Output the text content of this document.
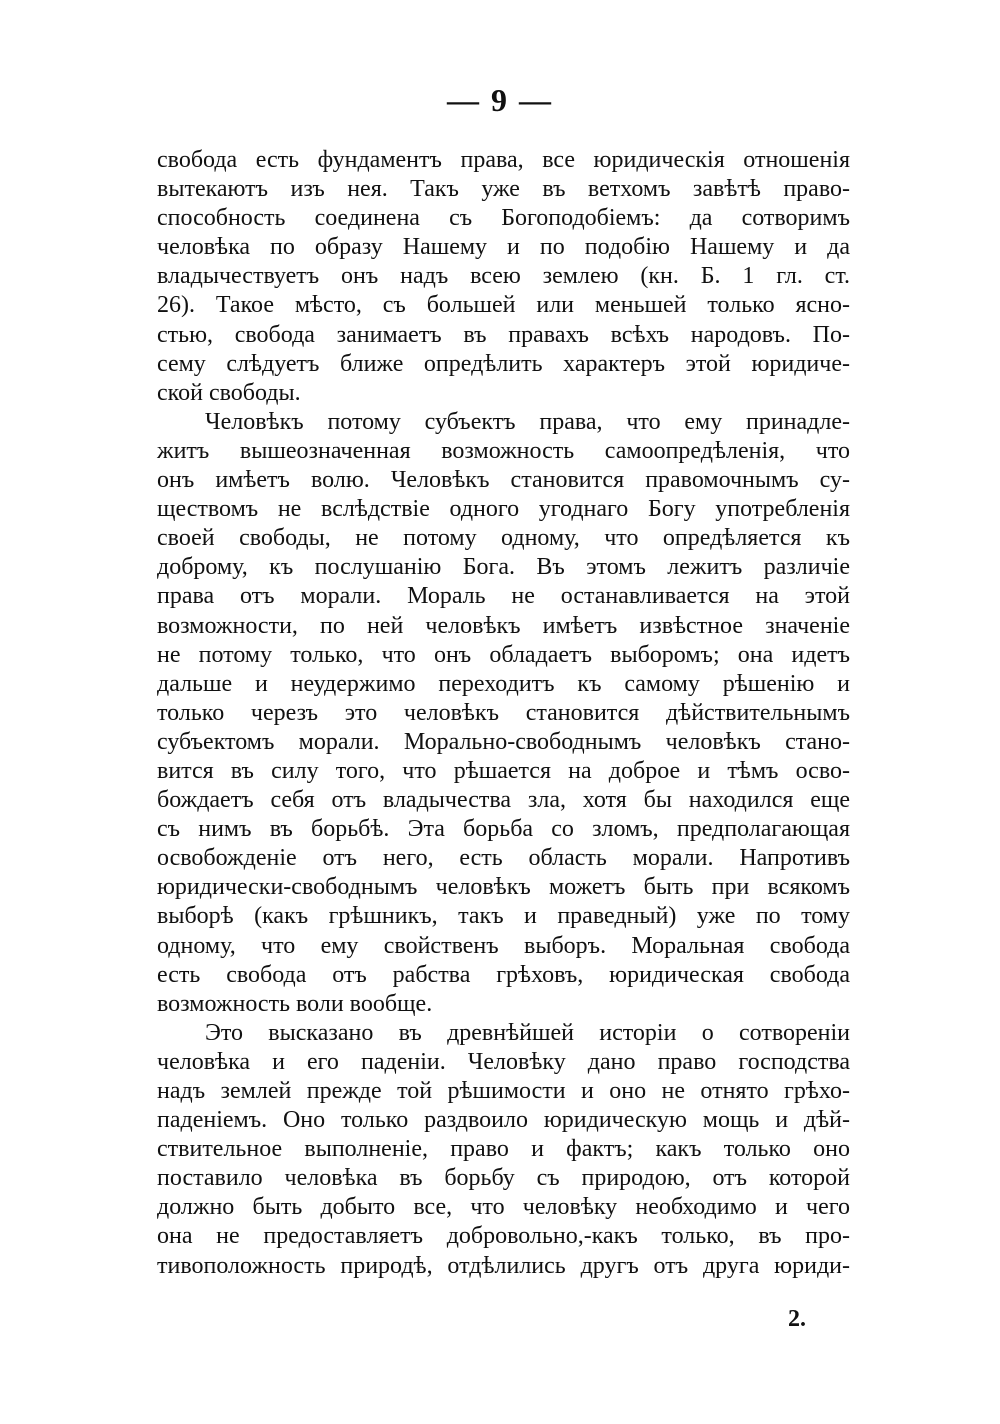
— 9 —
свобода есть фундаментъ права, все юридическія отношенія
вытекаютъ изъ нея. Такъ уже въ ветхомъ завѣтѣ право-
способность соединена съ Богоподобіемъ: да сотворимъ
человѣка по образу Нашему и по подобію Нашему и да
владычествуетъ онъ надъ всею землею (кн. Б. 1 гл. ст.
26). Такое мѣсто, съ большей или меньшей только ясно-
стью, свобода занимаетъ въ правахъ всѣхъ народовъ. По-
сему слѣдуетъ ближе опредѣлить характеръ этой юридиче-
ской свободы.
Человѣкъ потому субъектъ права, что ему принадле-
житъ вышеозначенная возможность самоопредѣленія, что
онъ имѣетъ волю. Человѣкъ становится правомочнымъ су-
ществомъ не вслѣдствіе одного угоднаго Богу употребленія
своей свободы, не потому одному, что опредѣляется къ
доброму, къ послушанію Бога. Въ этомъ лежитъ различіе
права отъ морали. Мораль не останавливается на этой
возможности, по ней человѣкъ имѣетъ извѣстное значеніе
не потому только, что онъ обладаетъ выборомъ; она идетъ
дальше и неудержимо переходитъ къ самому рѣшенію и
только черезъ это человѣкъ становится дѣйствительнымъ
субъектомъ морали. Морально-свободнымъ человѣкъ стано-
вится въ силу того, что рѣшается на доброе и тѣмъ осво-
бождаетъ себя отъ владычества зла, хотя бы находился еще
съ нимъ въ борьбѣ. Эта борьба со зломъ, предполагающая
освобожденіе отъ него, есть область морали. Напротивъ
юридически-свободнымъ человѣкъ можетъ быть при всякомъ
выборѣ (какъ грѣшникъ, такъ и праведный) уже по тому
одному, что ему свойственъ выборъ. Моральная свобода
есть свобода отъ рабства грѣховъ, юридическая свобода
возможность воли вообще.
Это высказано въ древнѣйшей исторіи о сотвореніи
человѣка и его паденіи. Человѣку дано право господства
надъ землей прежде той рѣшимости и оно не отнято грѣхо-
паденіемъ. Оно только раздвоило юридическую мощь и дѣй-
ствительное выполненіе, право и фактъ; какъ только оно
поставило человѣка въ борьбу съ природою, отъ которой
должно быть добыто все, что человѣку необходимо и чего
она не предоставляетъ добровольно,-какъ только, въ про-
тивоположность природѣ, отдѣлились другъ отъ друга юриди-
2.
